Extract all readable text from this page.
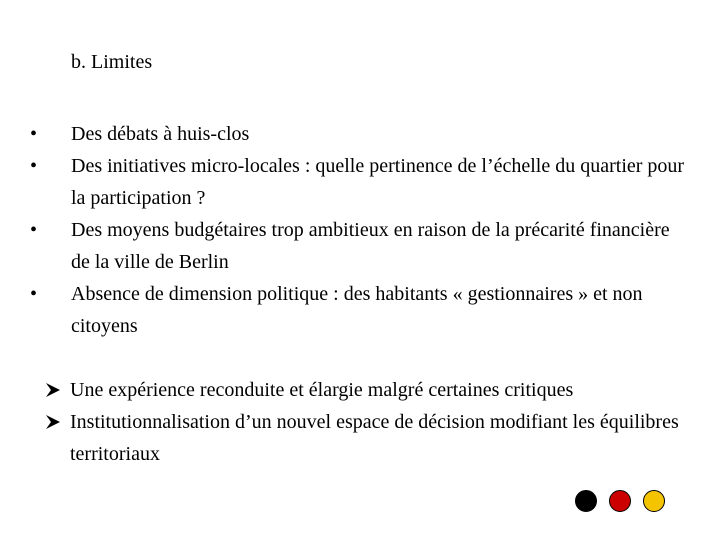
b. Limites
•	Des débats à huis-clos
•	Des initiatives micro-locales : quelle pertinence de l’échelle du quartier pour la participation ?
•	Des moyens budgétaires trop ambitieux en raison de la précarité financière de la ville de Berlin
•	Absence de dimension politique : des habitants « gestionnaires » et non citoyens
Une expérience reconduite et élargie malgré certaines critiques
Institutionnalisation d’un nouvel espace de décision modifiant les équilibres territoriaux
